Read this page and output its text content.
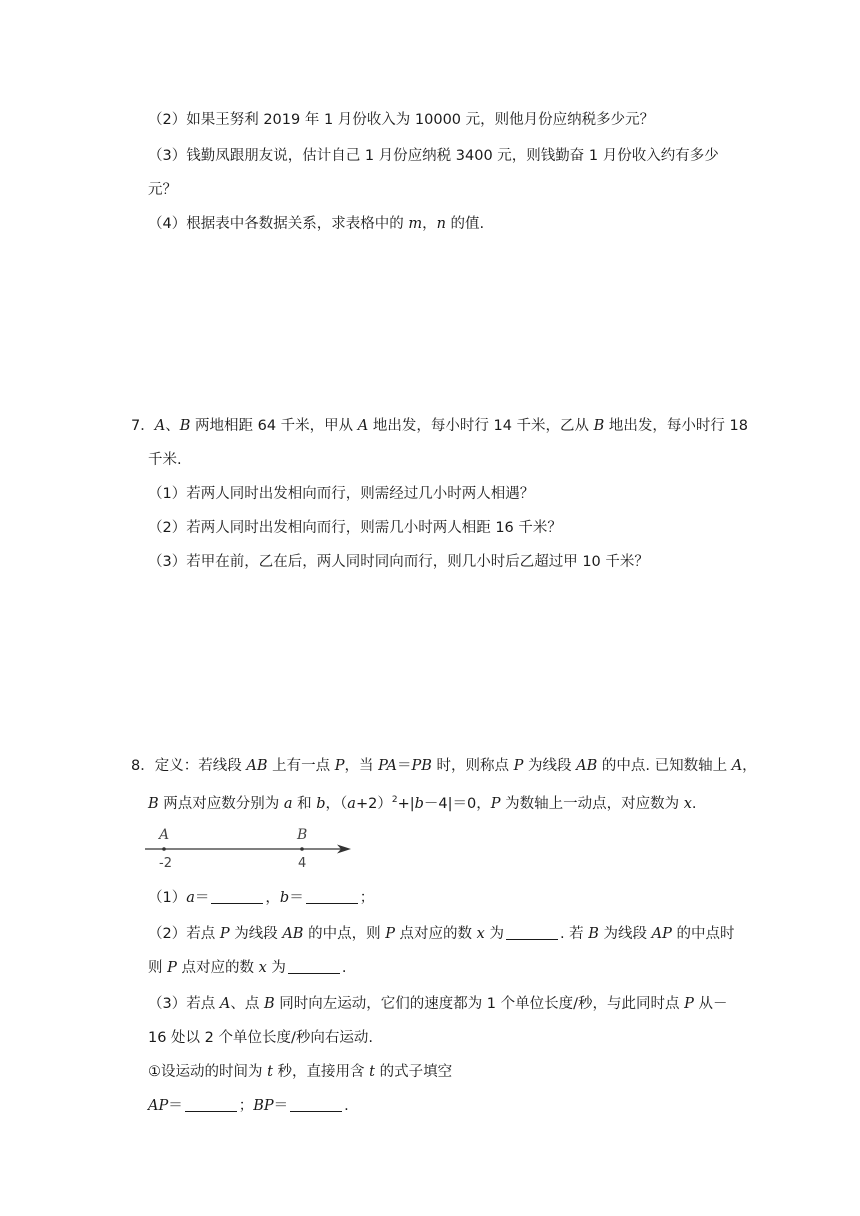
（2）如果王努利 2019 年 1 月份收入为 10000 元，则他月份应纳税多少元？
（3）钱勤凤跟朋友说，估计自己 1 月份应纳税 3400 元，则钱勤奋 1 月份收入约有多少
元？
（4）根据表中各数据关系，求表格中的 m，n 的值.
7．A、B 两地相距 64 千米，甲从 A 地出发，每小时行 14 千米，乙从 B 地出发，每小时行 18
千米.
（1）若两人同时出发相向而行，则需经过几小时两人相遇？
（2）若两人同时出发相向而行，则需几小时两人相距 16 千米？
（3）若甲在前，乙在后，两人同时同向而行，则几小时后乙超过甲 10 千米？
8．定义：若线段 AB 上有一点 P，当 PA＝PB 时，则称点 P 为线段 AB 的中点. 已知数轴上 A，
B 两点对应数分别为 a 和 b，$(a+2)^2+|b-4|=0$，P 为数轴上一动点，对应数为 x.
A	B
-2	4
（1）a＝	，b＝	；
（2）若点 P 为线段 AB 的中点，则 P 点对应的数 x 为	. 若 B 为线段 AP 的中点时
则 P 点对应的数 x 为	.
（3）若点 A、点 B 同时向左运动，它们的速度都为 1 个单位长度/秒，与此同时点 P 从－
16 处以 2 个单位长度/秒向右运动.
①设运动的时间为 t 秒，直接用含 t 的式子填空
AP＝	；BP＝	.
